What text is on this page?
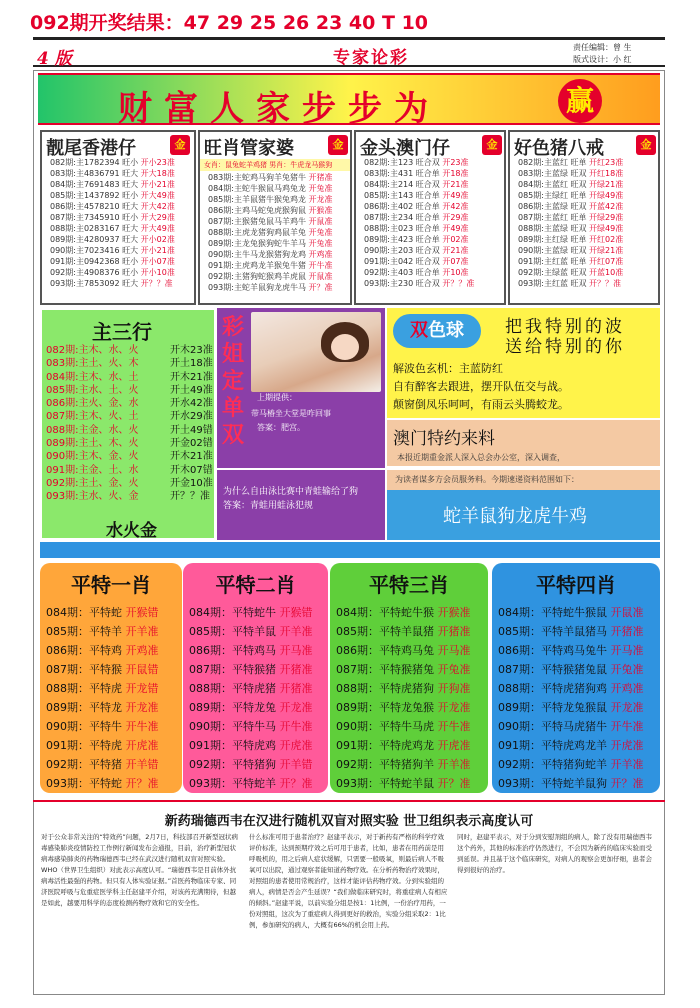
092期开奖结果：47 29 25 26 23 40 T 10
4 版	专家论彩
责任编辑：曾 生
版式设计：小 红
财富人家步步为	赢
靓尾香港仔	金
082期:主1782394 旺小 开小23准
083期:主4836791 旺大 开大18准
084期:主7691483 旺大 开小21准
085期:主1437892 旺小 开大49准
086期:主4578210 旺大 开大42准
087期:主7345910 旺小 开大29准
088期:主0283167 旺大 开大49准
089期:主4280937 旺大 开小02准
090期:主7023416 旺大 开小21准
091期:主0942368 旺小 开小07准
092期:主4908376 旺小 开小10准
093期:主7853092 旺大 开？？准
旺肖管家婆	金
女肖：鼠兔蛇羊鸡猪 男肖：牛虎龙马猴狗
083期:主蛇鸡马狗羊兔猪牛 开猪准
084期:主蛇牛猴鼠马鸡兔龙 开兔准
085期:主羊鼠猪牛猴兔鸡龙 开龙准
086期:主鸡马蛇兔虎猴狗鼠 开猴准
087期:主猴猪兔鼠马羊鸡牛 开鼠准
088期:主虎龙猪狗鸡鼠羊兔 开兔准
089期:主龙兔猴狗蛇牛羊马 开兔准
090期:主牛马龙猴猪狗龙鸡 开鸡准
091期:主虎鸡龙羊猴兔牛猪 开牛准
092期:主猪狗蛇猴鸡羊虎鼠 开鼠准
093期:主蛇羊鼠狗龙虎牛马 开？准
金头澳门仔	金
082期:主123 旺合双 开23准
083期:主431 旺合单 开18准
084期:主214 旺合双 开21准
085期:主143 旺合单 开49准
086期:主402 旺合单 开42准
087期:主234 旺合单 开29准
088期:主023 旺合单 开49准
089期:主423 旺合单 开02准
090期:主203 旺合双 开21准
091期:主042 旺合双 开07准
092期:主403 旺合单 开10准
093期:主230 旺合双 开？？准
好色猪八戒	金
082期:主蓝红 旺单 开红23准
083期:主蓝绿 旺双 开红18准
084期:主蓝红 旺双 开绿21准
085期:主绿红 旺单 开绿49准
086期:主蓝绿 旺双 开蓝42准
087期:主蓝红 旺单 开绿29准
088期:主蓝绿 旺双 开绿49准
089期:主红绿 旺单 开红02准
090期:主蓝绿 旺双 开绿21准
091期:主红蓝 旺单 开红07准
092期:主绿蓝 旺双 开蓝10准
093期:主红蓝 旺双 开？？准
主三行
082期:主木、水、火	开木23准
083期:主土、火、木	开土18准
084期:主木、水、土	开木21准
085期:主水、土、火	开土49准
086期:主火、金、水	开水42准
087期:主木、火、土	开水29准
088期:主金、水、火	开土49错
089期:主土、木、火	开金02错
090期:主木、金、火	开木21准
091期:主金、土、水	开木07错
092期:主土、金、火	开金10准
093期:主水、火、金	开？？准
水火金
彩姐定单双
上期提供：
带马椿坐大堂是咋回事
答案：肥宫。
为什么自由泳比赛中青蛙输给了狗
答案：青蛙用蛙泳犯规
双色球	把我特别的波
送给特别的你
解波色玄机：主蓝防红
自有醉客去跟进，摆开队伍交与战。
颠窗倒凤乐呵呵，有雨云头腾蛟龙。
澳门特约来料
本报近期重金派人深入总会办公室，深入调查，
为读者谋多方会员服务料。今期速递资料范围如下：
蛇羊鼠狗龙虎牛鸡
平特一肖
084期：平特蛇 开猴错
085期：平特羊 开羊准
086期：平特鸡 开鸡准
087期：平特猴 开鼠错
088期：平特虎 开龙错
089期：平特龙 开龙准
090期：平特牛 开牛准
091期：平特虎 开虎准
092期：平特猪 开羊错
093期：平特蛇 开？准
平特二肖
084期：平特蛇牛 开猴错
085期：平特羊鼠 开羊准
086期：平特鸡马 开马准
087期：平特猴猪 开猪准
088期：平特虎猪 开猪准
089期：平特龙兔 开龙准
090期：平特牛马 开牛准
091期：平特虎鸡 开虎准
092期：平特猪狗 开羊错
093期：平特蛇羊 开？准
平特三肖
084期：平特蛇牛猴 开猴准
085期：平特羊鼠猪 开猪准
086期：平特鸡马兔 开马准
087期：平特猴猪兔 开兔准
088期：平特虎猪狗 开狗准
089期：平特龙兔猴 开龙准
090期：平特牛马虎 开牛准
091期：平特虎鸡龙 开虎准
092期：平特猪狗羊 开羊准
093期：平特蛇羊鼠 开？准
平特四肖
084期：平特蛇牛猴鼠 开鼠准
085期：平特羊鼠猪马 开猪准
086期：平特鸡马兔牛 开马准
087期：平特猴猪兔鼠 开兔准
088期：平特虎猪狗鸡 开鸡准
089期：平特龙兔猴鼠 开龙准
090期：平特马虎猪牛 开牛准
091期：平特虎鸡龙羊 开虎准
092期：平特猪狗蛇羊 开羊准
093期：平特蛇羊鼠狗 开？准
新药瑞德西韦在汉进行随机双盲对照实验 世卫组织表示高度认可
对于公众非常关注的“特效药”问题，2月7日，科技部召开新型冠状病毒感染肺炎疫情防控工作例行新闻发布会通报，目前，治疗新型冠状病毒感染肺炎的药物瑞德西韦已经在武汉进行随机双盲对照实验。WHO（世界卫生组织）对此表示高度认可。“瑞德西韦是目前体外抗病毒活性最强的药物。但只有人体实验证据。”首医药物临床专家、同济医院呼吸与危重症医学科主任赵建平介绍，对该药充满期待，但越是如此，越要用科学的态度检测药物疗效和它的安全性。
什么标准可用于患者治疗？赵建平表示，对于新药有严格的科学疗效评价标准，达到预期疗效之后可用于患者，比如，患者在用药前是用呼吸机的，用之后病人症状缓解，只需要一般吸氧，则最后病人不吸氧可以出院，通过观察者能知道药物疗效。在分析药物治疗效果时，对照组的患者使用常规治疗，这样才能评估药物疗效。分到实验组的病人，病情是否会产生延误？“我们做临床研究时，将重症病人有相应的倾斜。”赵建平说，以前实验分组是按1：1比例，一份治疗用药，一份对照组，这次为了重症病人得到更好的救治，实验分组采取2：1比例，参加研究的病人，大概有66%的机会用上药。
同时，赵建平表示，对于分到安慰剂组的病人，除了没有用瑞德西韦这个药外，其他的标准治疗仍然进行，不会因为新药的临床实验而受到延误。并且基于这个临床研究，对病人的观察会更加仔细，患者会得到很好的治疗。
